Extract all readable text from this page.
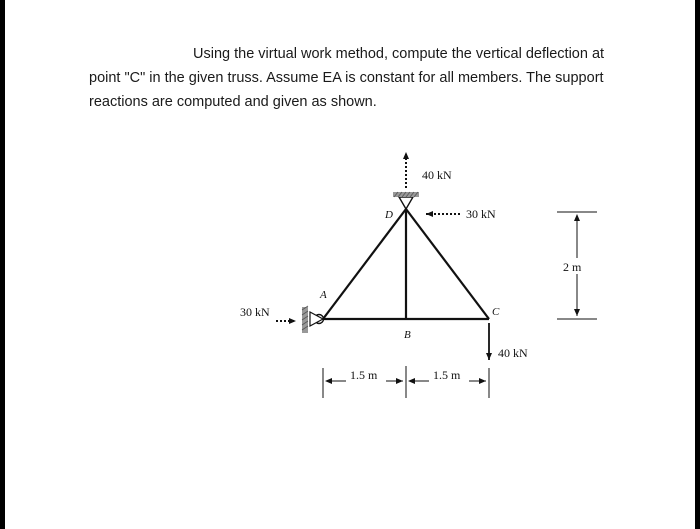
Using the virtual work method, compute the vertical deflection at

point "C" in the given truss. Assume EA is constant for all members. The support

reactions are computed and given as shown.

40 kN
30 kN
30 kN
40 kN
A
B
C
D
1.5 m	1.5 m
2 m
